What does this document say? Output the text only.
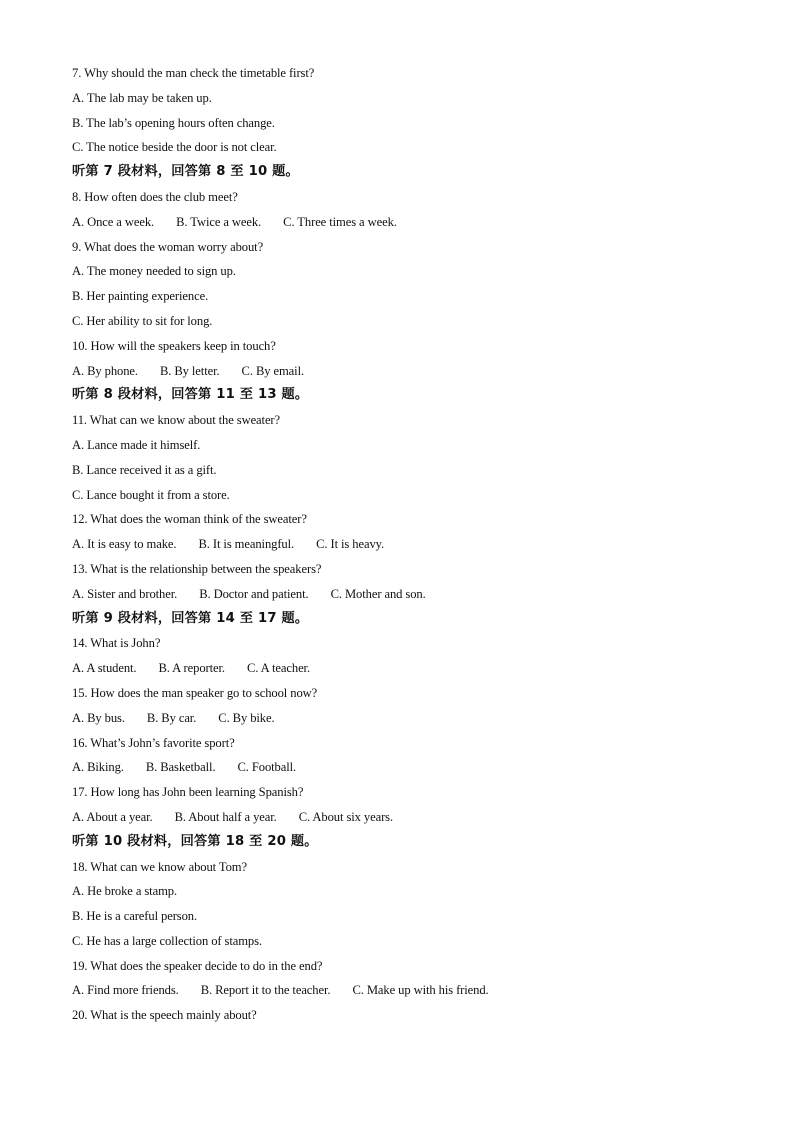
7. Why should the man check the timetable first?
A. The lab may be taken up.
B. The lab’s opening hours often change.
C. The notice beside the door is not clear.
听第 7 段材料，回答第 8 至 10 题。
8. How often does the club meet?
A. Once a week. B. Twice a week. C. Three times a week.
9. What does the woman worry about?
A. The money needed to sign up.
B. Her painting experience.
C. Her ability to sit for long.
10. How will the speakers keep in touch?
A. By phone. B. By letter. C. By email.
听第 8 段材料，回答第 11 至 13 题。
11. What can we know about the sweater?
A. Lance made it himself.
B. Lance received it as a gift.
C. Lance bought it from a store.
12. What does the woman think of the sweater?
A. It is easy to make. B. It is meaningful. C. It is heavy.
13. What is the relationship between the speakers?
A. Sister and brother. B. Doctor and patient. C. Mother and son.
听第 9 段材料，回答第 14 至 17 题。
14. What is John?
A. A student. B. A reporter. C. A teacher.
15. How does the man speaker go to school now?
A. By bus. B. By car. C. By bike.
16. What’s John’s favorite sport?
A. Biking. B. Basketball. C. Football.
17. How long has John been learning Spanish?
A. About a year. B. About half a year. C. About six years.
听第 10 段材料，回答第 18 至 20 题。
18. What can we know about Tom?
A. He broke a stamp.
B. He is a careful person.
C. He has a large collection of stamps.
19. What does the speaker decide to do in the end?
A. Find more friends. B. Report it to the teacher. C. Make up with his friend.
20. What is the speech mainly about?
